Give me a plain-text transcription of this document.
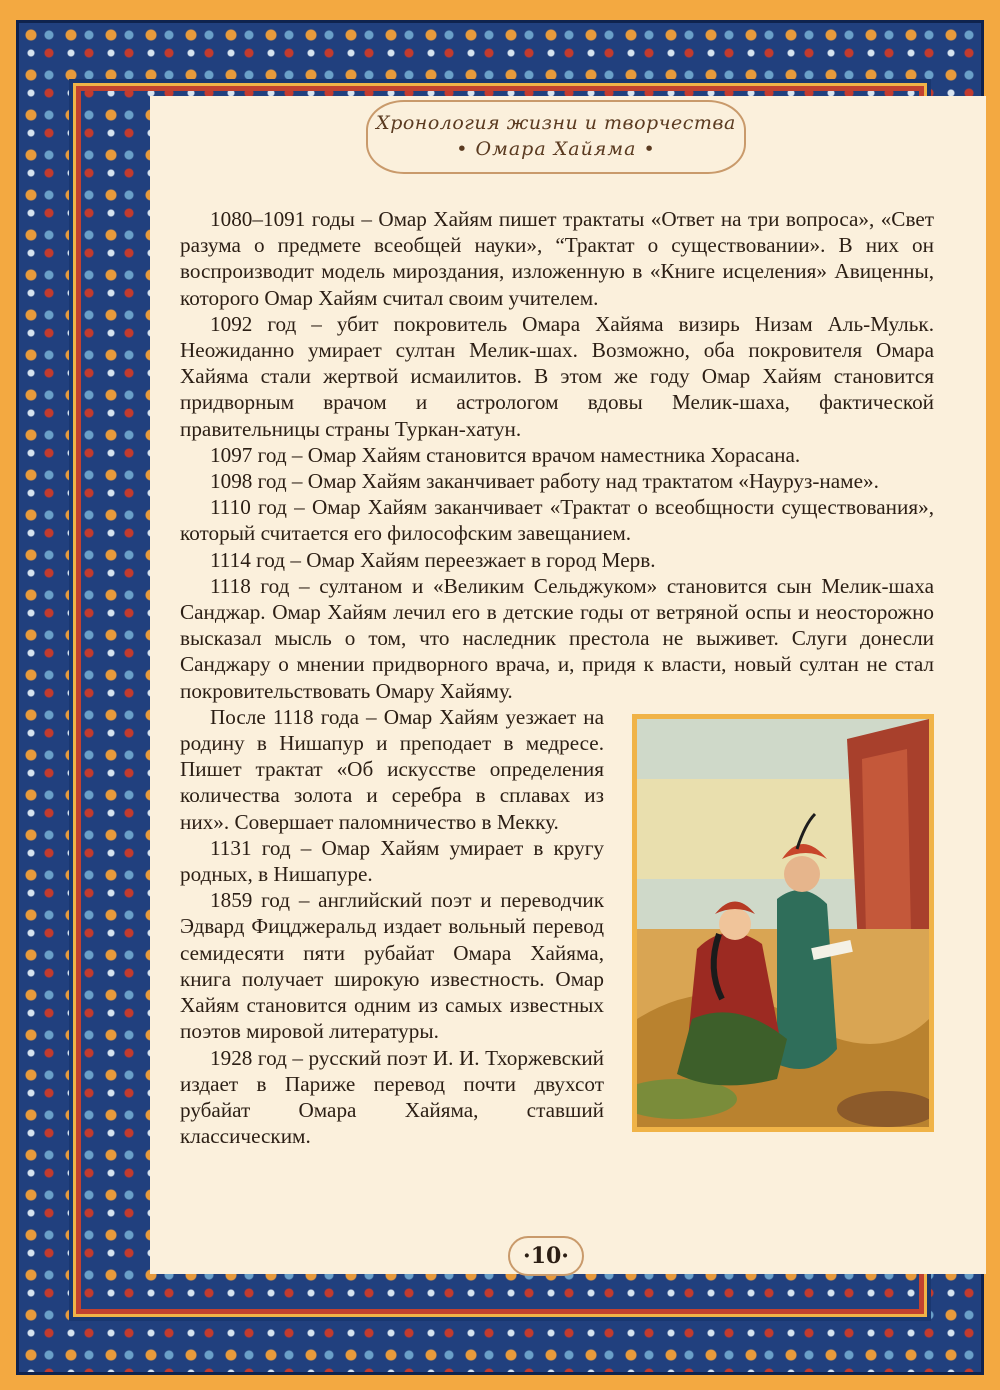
Хронология жизни и творчества
• Омара Хайяма •

1080–1091 годы – Омар Хайям пишет трактаты «Ответ на три вопроса», «Свет разума о предмете всеобщей науки», “Трактат о существовании». В них он воспроизводит модель мироздания, изложенную в «Книге исцеления» Авиценны, которого Омар Хайям считал своим учителем.

1092 год – убит покровитель Омара Хайяма визирь Низам Аль-Мульк. Неожиданно умирает султан Мелик-шах. Возможно, оба покровителя Омара Хайяма стали жертвой исмаилитов. В этом же году Омар Хайям становится придворным врачом и астрологом вдовы Мелик-шаха, фактической правительницы страны Туркан-хатун.

1097 год – Омар Хайям становится врачом наместника Хорасана.

1098 год – Омар Хайям заканчивает работу над трактатом «Науруз-наме».

1110 год – Омар Хайям заканчивает «Трактат о всеобщности существования», который считается его философским завещанием.

1114 год – Омар Хайям переезжает в город Мерв.

1118 год – султаном и «Великим Сельджуком» становится сын Мелик-шаха Санджар. Омар Хайям лечил его в детские годы от ветряной оспы и неосторожно высказал мысль о том, что наследник престола не выживет. Слуги донесли Санджару о мнении придворного врача, и, придя к власти, новый султан не стал покровительствовать Омару Хайяму.

После 1118 года – Омар Хайям уезжает на родину в Нишапур и преподает в медресе. Пишет трактат «Об искусстве определения количества золота и серебра в сплавах из них». Совершает паломничество в Мекку.

1131 год – Омар Хайям умирает в кругу родных, в Нишапуре.

1859 год – английский поэт и переводчик Эдвард Фицджеральд издает вольный перевод семидесяти пяти рубайат Омара Хайяма, книга получает широкую известность. Омар Хайям становится одним из самых известных поэтов мировой литературы.

1928 год – русский поэт И. И. Тхоржевский издает в Париже перевод почти двухсот рубайат Омара Хайяма, ставший классическим.

·10·
